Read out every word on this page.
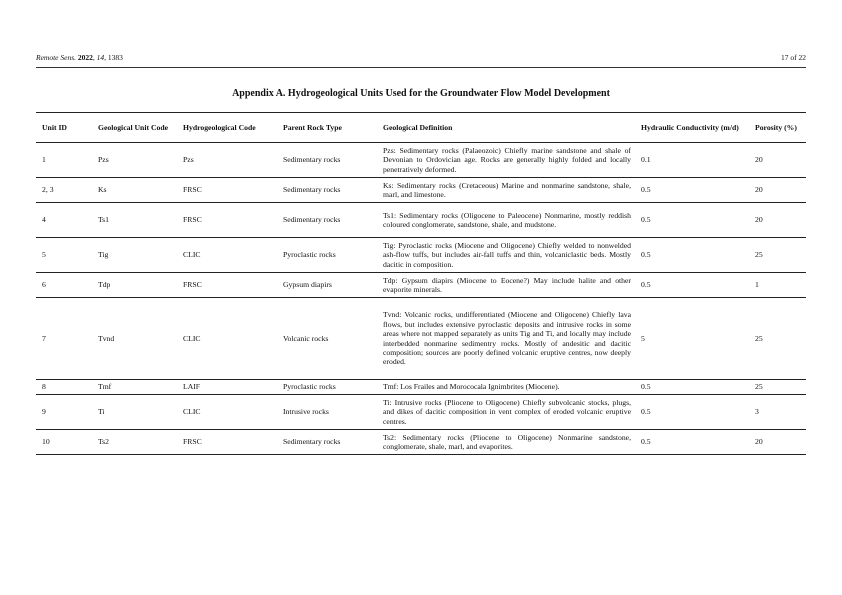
Remote Sens. 2022, 14, 1383	17 of 22
Appendix A. Hydrogeological Units Used for the Groundwater Flow Model Development
Unit ID	Geological Unit Code	Hydrogeological Code	Parent Rock Type	Geological Definition	Hydraulic Conductivity (m/d)	Porosity (%)
1	Pzs	Pzs	Sedimentary rocks	Pzs: Sedimentary rocks (Palaeozoic) Chiefly marine sandstone and shale of Devonian to Ordovician age. Rocks are generally highly folded and locally penetratively deformed.	0.1	20
2, 3	Ks	FRSC	Sedimentary rocks	Ks: Sedimentary rocks (Cretaceous) Marine and nonmarine sandstone, shale, marl, and limestone.	0.5	20
4	Ts1	FRSC	Sedimentary rocks	Ts1: Sedimentary rocks (Oligocene to Paleocene) Nonmarine, mostly reddish coloured conglomerate, sandstone, shale, and mudstone.	0.5	20
5	Tig	CLIC	Pyroclastic rocks	Tig: Pyroclastic rocks (Miocene and Oligocene) Chiefly welded to nonwelded ash-flow tuffs, but includes air-fall tuffs and thin, volcaniclastic beds. Mostly dacitic in composition.	0.5	25
6	Tdp	FRSC	Gypsum diapirs	Tdp: Gypsum diapirs (Miocene to Eocene?) May include halite and other evaporite minerals.	0.5	1
7	Tvnd	CLIC	Volcanic rocks	Tvnd: Volcanic rocks, undifferentiated (Miocene and Oligocene) Chiefly lava flows, but includes extensive pyroclastic deposits and intrusive rocks in some areas where not mapped separately as units Tig and Ti, and locally may include interbedded nonmarine sedimentry rocks. Mostly of andesitic and dacitic composition; sources are poorly defined volcanic eruptive centres, now deeply eroded.	5	25
8	Tmf	LAIF	Pyroclastic rocks	Tmf: Los Frailes and Morococala Ignimbrites (Miocene).	0.5	25
9	Ti	CLIC	Intrusive rocks	Ti: Intrusive rocks (Pliocene to Oligocene) Chiefly subvolcanic stocks, plugs, and dikes of dacitic composition in vent complex of eroded volcanic eruptive centres.	0.5	3
10	Ts2	FRSC	Sedimentary rocks	Ts2: Sedimentary rocks (Pliocene to Oligocene) Nonmarine sandstone, conglomerate, shale, marl, and evaporites.	0.5	20
